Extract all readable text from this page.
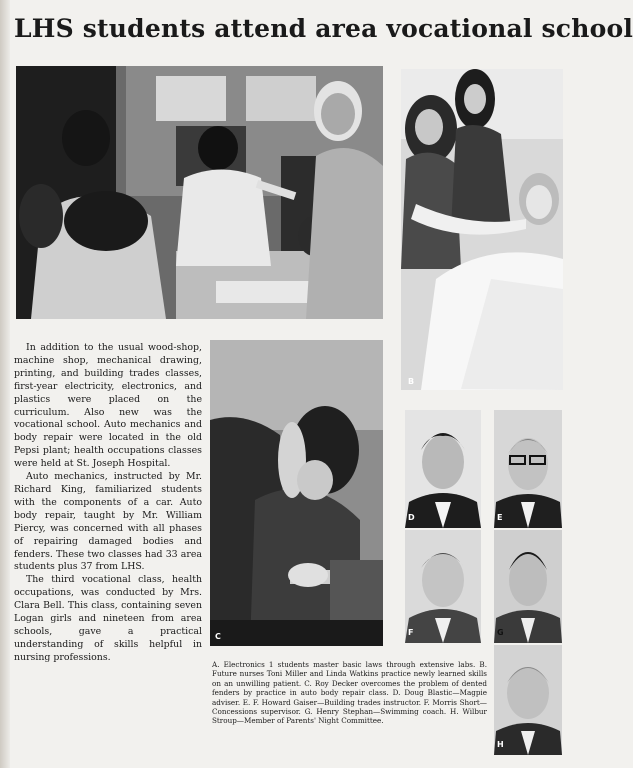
LHS students attend area vocational school
B
C
D	E
F	G
H

In addition to the usual wood-shop, machine shop, mechanical drawing, printing, and building trades classes, first-year electricity, electronics, and plastics were placed on the curriculum. Also new was the vocational school. Auto mechanics and body repair were located in the old Pepsi plant; health occupations classes were held at St. Joseph Hospital.

Auto mechanics, instructed by Mr. Richard King, familiarized students with the components of a car. Auto body repair, taught by Mr. William Piercy, was concerned with all phases of repairing damaged bodies and fenders. These two classes had 33 area students plus 37 from LHS.

The third vocational class, health occupations, was conducted by Mrs. Clara Bell. This class, containing seven Logan girls and nineteen from area schools, gave a practical understanding of skills helpful in nursing professions.

A. Electronics 1 students master basic laws through extensive labs. B. Future nurses Toni Miller and Linda Watkins practice newly learned skills on an unwilling patient. C. Roy Decker overcomes the problem of dented fenders by practice in auto body repair class. D. Doug Blastic—Magpie adviser. E. F. Howard Gaiser—Building trades instructor. F. Morris Short—Concessions supervisor. G. Henry Stephan—Swimming coach. H. Wilbur Stroup—Member of Parents' Night Committee.
